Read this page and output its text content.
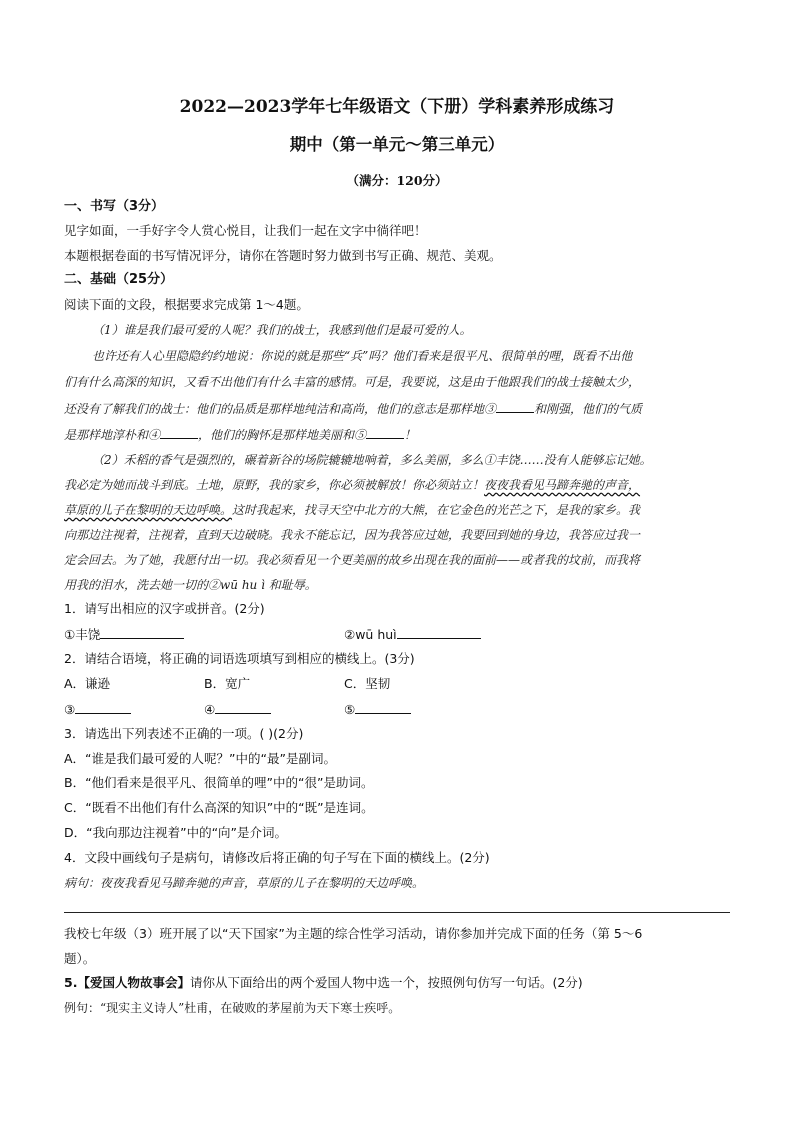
2022—2023学年七年级语文（下册）学科素养形成练习
期中（第一单元～第三单元）
（满分：120分）
一、书写（3分）
见字如面，一手好字令人赏心悦目，让我们一起在文字中徜徉吧！
本题根据卷面的书写情况评分，请你在答题时努力做到书写正确、规范、美观。
二、基础（25分）
阅读下面的文段，根据要求完成第 1～4题。
（1）谁是我们最可爱的人呢？我们的战士，我感到他们是最可爱的人。
也许还有人心里隐隐约约地说：你说的就是那些“兵”吗？他们看来是很平凡、很简单的哩，既看不出他
们有什么高深的知识，又看不出他们有什么丰富的感情。可是，我要说，这是由于他跟我们的战士接触太少，
还没有了解我们的战士：他们的品质是那样地纯洁和高尚，他们的意志是那样地③	和刚强，他们的气质
是那样地淳朴和④	，他们的胸怀是那样地美丽和⑤	！
（2）禾稻的香气是强烈的，碾着新谷的场院辘辘地响着，多么美丽，多么①丰饶……没有人能够忘记她。
我必定为她而战斗到底。土地，原野，我的家乡，你必须被解放！你必须站立！夜夜我看见马蹄奔驰的声音，
草原的儿子在黎明的天边呼唤。这时我起来，找寻天空中北方的大熊，在它金色的光芒之下，是我的家乡。我
向那边注视着，注视着，直到天边破晓。我永不能忘记，因为我答应过她，我要回到她的身边，我答应过我一
定会回去。为了她，我愿付出一切。我必须看见一个更美丽的故乡出现在我的面前——或者我的坟前，而我将
用我的泪水，洗去她一切的②wū hu ì 和耻辱。
1．请写出相应的汉字或拼音。(2分)
①丰饶	②wū huì
2．请结合语境，将正确的词语选项填写到相应的横线上。(3分)
A．谦逊	B．宽广	C．坚韧
③	④	⑤
3．请选出下列表述不正确的一项。( )(2分)
A．“谁是我们最可爱的人呢？”中的“最”是副词。
B．“他们看来是很平凡、很简单的哩”中的“很”是助词。
C．“既看不出他们有什么高深的知识”中的“既”是连词。
D．“我向那边注视着”中的“向”是介词。
4．文段中画线句子是病句，请修改后将正确的句子写在下面的横线上。(2分)
病句：夜夜我看见马蹄奔驰的声音，草原的儿子在黎明的天边呼唤。
我校七年级（3）班开展了以“天下国家”为主题的综合性学习活动，请你参加并完成下面的任务（第 5～6
题）。
5.【爱国人物故事会】请你从下面给出的两个爱国人物中选一个，按照例句仿写一句话。(2分)
例句：“现实主义诗人”杜甫，在破败的茅屋前为天下寒士疾呼。
